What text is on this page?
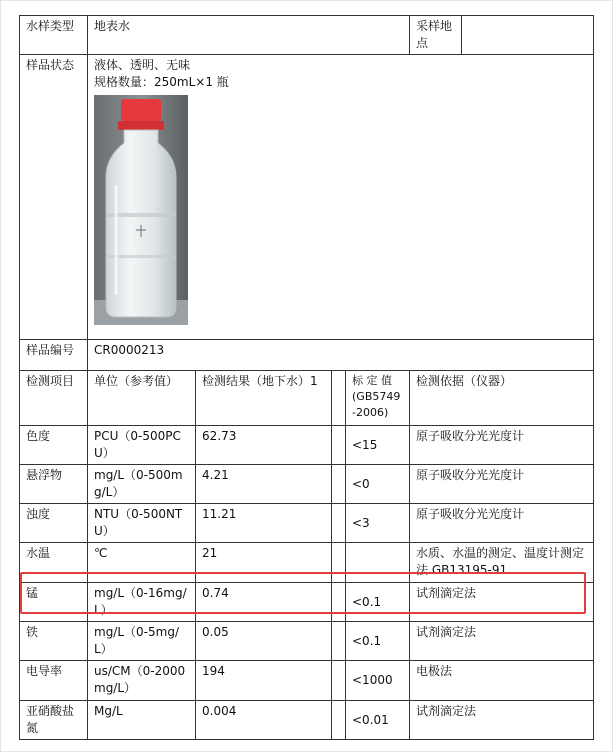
水样类型	地表水				采样地点	
样品状态	液体、透明、无味
规格数量：250mL×1 瓶					

样品编号	CR0000213					
检测项目	单位（参考值）	检测结果（地下水）1		标 定 值 (GB5749-2006)	检测依据（仪器）	
色度	PCU（0-500PCU）	62.73		<15	原子吸收分光光度计	
悬浮物	mg/L（0-500mg/L）	4.21		<0	原子吸收分光光度计	
浊度	NTU（0-500NTU）	11.21		<3	原子吸收分光光度计	
水温	℃	21			水质、水温的测定、温度计测定法 GB13195-91	
锰	mg/L（0-16mg/L）	0.74		<0.1	试剂滴定法	
铁	mg/L（0-5mg/L）	0.05		<0.1	试剂滴定法	
电导率	us/CM（0-2000mg/L）	194		<1000	电极法	
亚硝酸盐氮	Mg/L	0.004		<0.01	试剂滴定法	
